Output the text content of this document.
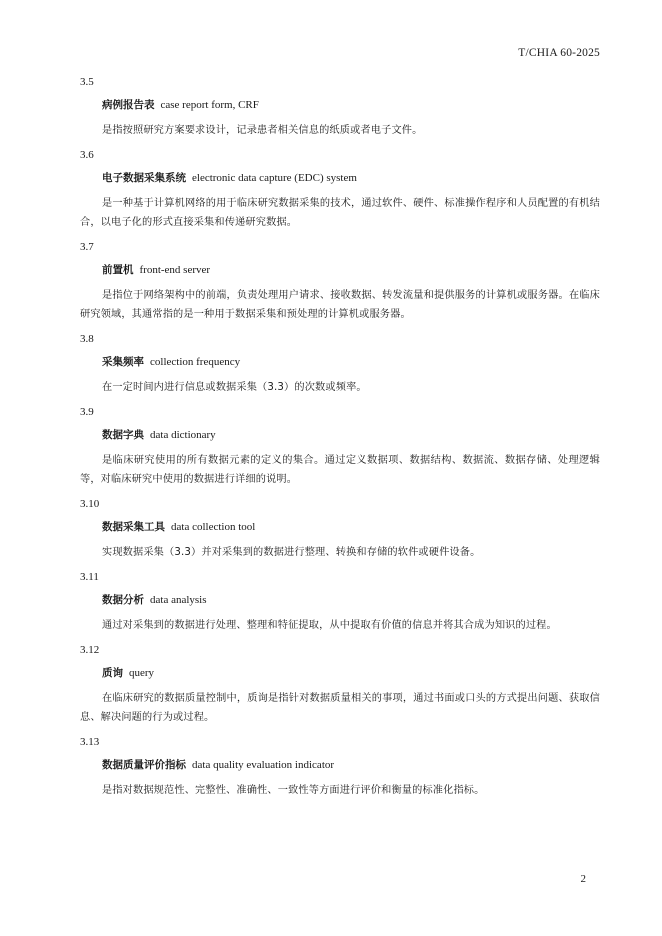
T/CHIA 60-2025
3.5
病例报告表 case report form, CRF
是指按照研究方案要求设计，记录患者相关信息的纸质或者电子文件。
3.6
电子数据采集系统 electronic data capture (EDC) system
是一种基于计算机网络的用于临床研究数据采集的技术，通过软件、硬件、标准操作程序和人员配置的有机结合，以电子化的形式直接采集和传递研究数据。
3.7
前置机 front-end server
是指位于网络架构中的前端，负责处理用户请求、接收数据、转发流量和提供服务的计算机或服务器。在临床研究领域，其通常指的是一种用于数据采集和预处理的计算机或服务器。
3.8
采集频率 collection frequency
在一定时间内进行信息或数据采集（3.3）的次数或频率。
3.9
数据字典 data dictionary
是临床研究使用的所有数据元素的定义的集合。通过定义数据项、数据结构、数据流、数据存储、处理逻辑等，对临床研究中使用的数据进行详细的说明。
3.10
数据采集工具 data collection tool
实现数据采集（3.3）并对采集到的数据进行整理、转换和存储的软件或硬件设备。
3.11
数据分析 data analysis
通过对采集到的数据进行处理、整理和特征提取，从中提取有价值的信息并将其合成为知识的过程。
3.12
质询 query
在临床研究的数据质量控制中，质询是指针对数据质量相关的事项，通过书面或口头的方式提出问题、获取信息、解决问题的行为或过程。
3.13
数据质量评价指标 data quality evaluation indicator
是指对数据规范性、完整性、准确性、一致性等方面进行评价和衡量的标准化指标。
2
